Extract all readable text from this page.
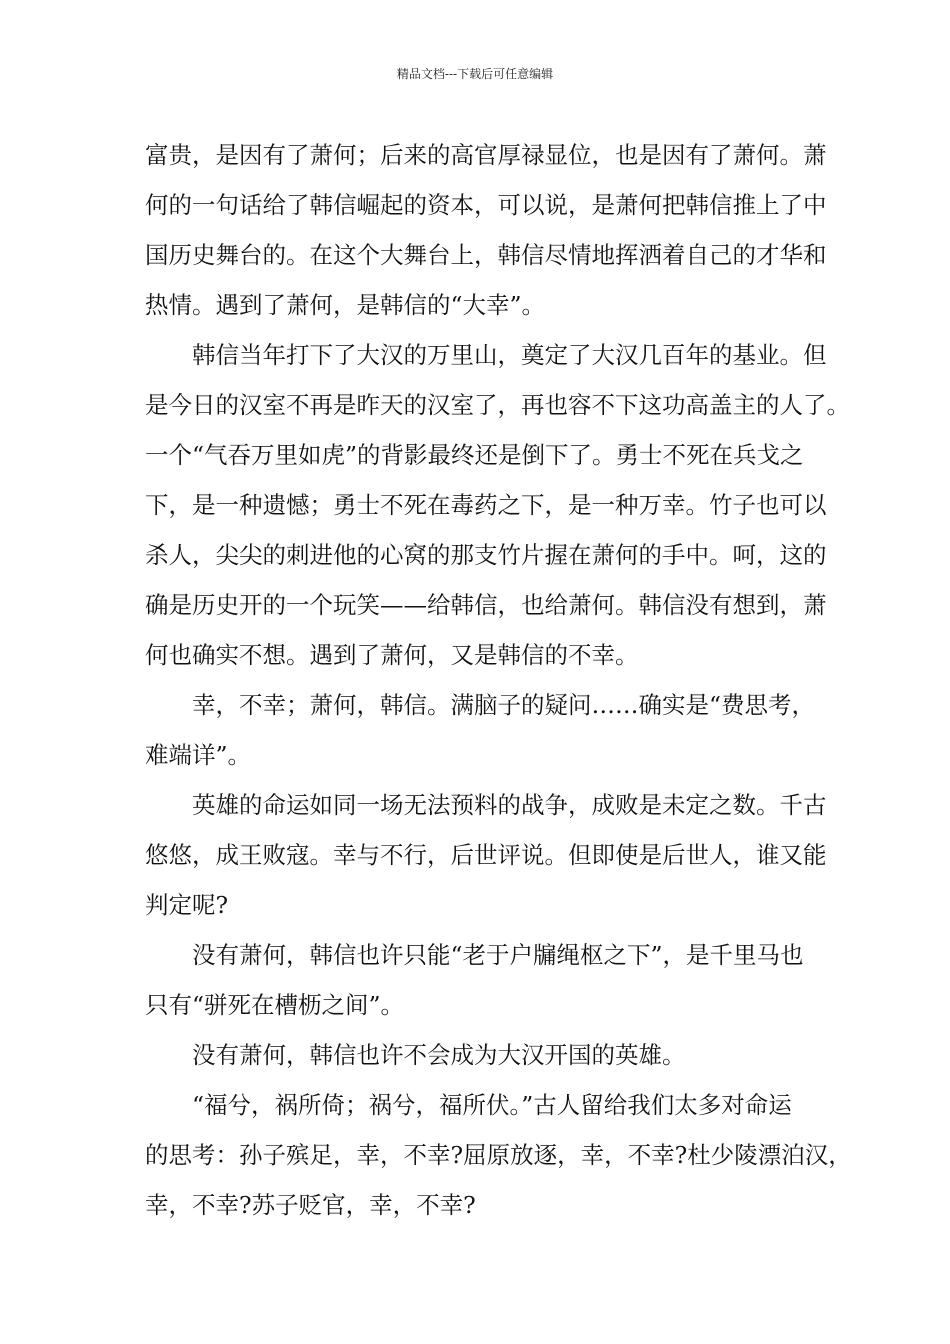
精品文档---下载后可任意编辑
富贵，是因有了萧何；后来的高官厚禄显位，也是因有了萧何。萧
何的一句话给了韩信崛起的资本，可以说，是萧何把韩信推上了中
国历史舞台的。在这个大舞台上，韩信尽情地挥洒着自己的才华和
热情。遇到了萧何，是韩信的“大幸”。
韩信当年打下了大汉的万里山，奠定了大汉几百年的基业。但
是今日的汉室不再是昨天的汉室了，再也容不下这功高盖主的人了。
一个“气吞万里如虎”的背影最终还是倒下了。勇士不死在兵戈之
下，是一种遗憾；勇士不死在毒药之下，是一种万幸。竹子也可以
杀人，尖尖的刺进他的心窝的那支竹片握在萧何的手中。呵，这的
确是历史开的一个玩笑——给韩信，也给萧何。韩信没有想到，萧
何也确实不想。遇到了萧何，又是韩信的不幸。
幸，不幸；萧何，韩信。满脑子的疑问……确实是“费思考，
难端详”。
英雄的命运如同一场无法预料的战争，成败是未定之数。千古
悠悠，成王败寇。幸与不行，后世评说。但即使是后世人，谁又能
判定呢?
没有萧何，韩信也许只能“老于户牖绳枢之下”，是千里马也
只有“骈死在槽枥之间”。
没有萧何，韩信也许不会成为大汉开国的英雄。
“福兮，祸所倚；祸兮，福所伏。”古人留给我们太多对命运
的思考：孙子殡足，幸，不幸?屈原放逐，幸，不幸?杜少陵漂泊汉，
幸，不幸?苏子贬官，幸，不幸?
